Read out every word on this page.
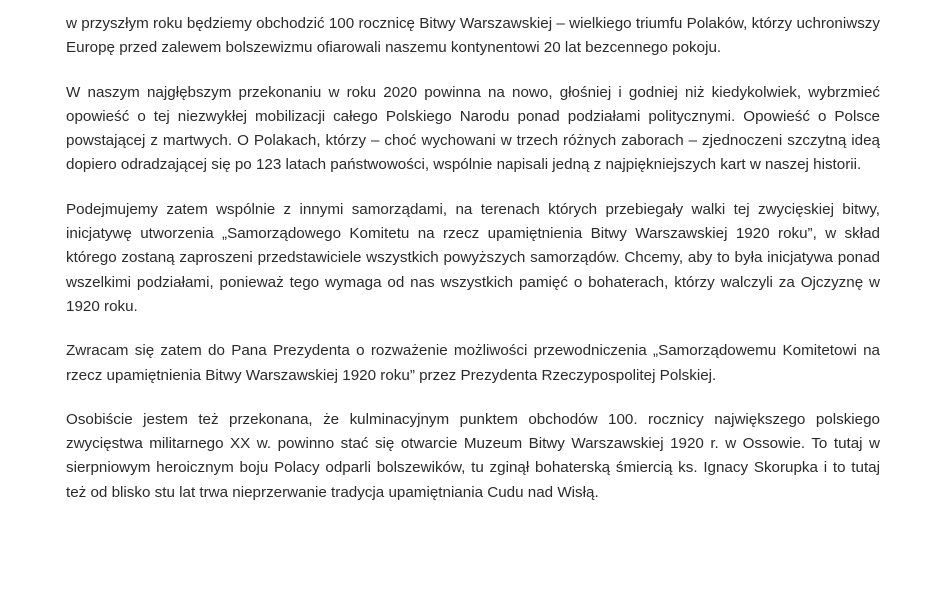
w przyszłym roku będziemy obchodzić 100 rocznicę Bitwy Warszawskiej – wielkiego triumfu Polaków, którzy uchroniwszy Europę przed zalewem bolszewizmu ofiarowali naszemu kontynentowi 20 lat bezcennego pokoju.

W naszym najgłębszym przekonaniu w roku 2020 powinna na nowo, głośniej i godniej niż kiedykolwiek, wybrzmieć opowieść o tej niezwykłej mobilizacji całego Polskiego Narodu ponad podziałami politycznymi. Opowieść o Polsce powstającej z martwych. O Polakach, którzy – choć wychowani w trzech różnych zaborach – zjednoczeni szczytną ideą dopiero odradzającej się po 123 latach państwowości, wspólnie napisali jedną z najpiękniejszych kart w naszej historii.

Podejmujemy zatem wspólnie z innymi samorządami, na terenach których przebiegały walki tej zwycięskiej bitwy, inicjatywę utworzenia „Samorządowego Komitetu na rzecz upamiętnienia Bitwy Warszawskiej 1920 roku”, w skład którego zostaną zaproszeni przedstawiciele wszystkich powyższych samorządów. Chcemy, aby to była inicjatywa ponad wszelkimi podziałami, ponieważ tego wymaga od nas wszystkich pamięć o bohaterach, którzy walczyli za Ojczyznę w 1920 roku.

Zwracam się zatem do Pana Prezydenta o rozważenie możliwości przewodniczenia „Samorządowemu Komitetowi na rzecz upamiętnienia Bitwy Warszawskiej 1920 roku” przez Prezydenta Rzeczypospolitej Polskiej.

Osobiście jestem też przekonana, że kulminacyjnym punktem obchodów 100. rocznicy największego polskiego zwycięstwa militarnego XX w. powinno stać się otwarcie Muzeum Bitwy Warszawskiej 1920 r. w Ossowie. To tutaj w sierpniowym heroicznym boju Polacy odparli bolszewików, tu zginął bohaterską śmiercią ks. Ignacy Skorupka i to tutaj też od blisko stu lat trwa nieprzerwanie tradycja upamiętniania Cudu nad Wisłą.
